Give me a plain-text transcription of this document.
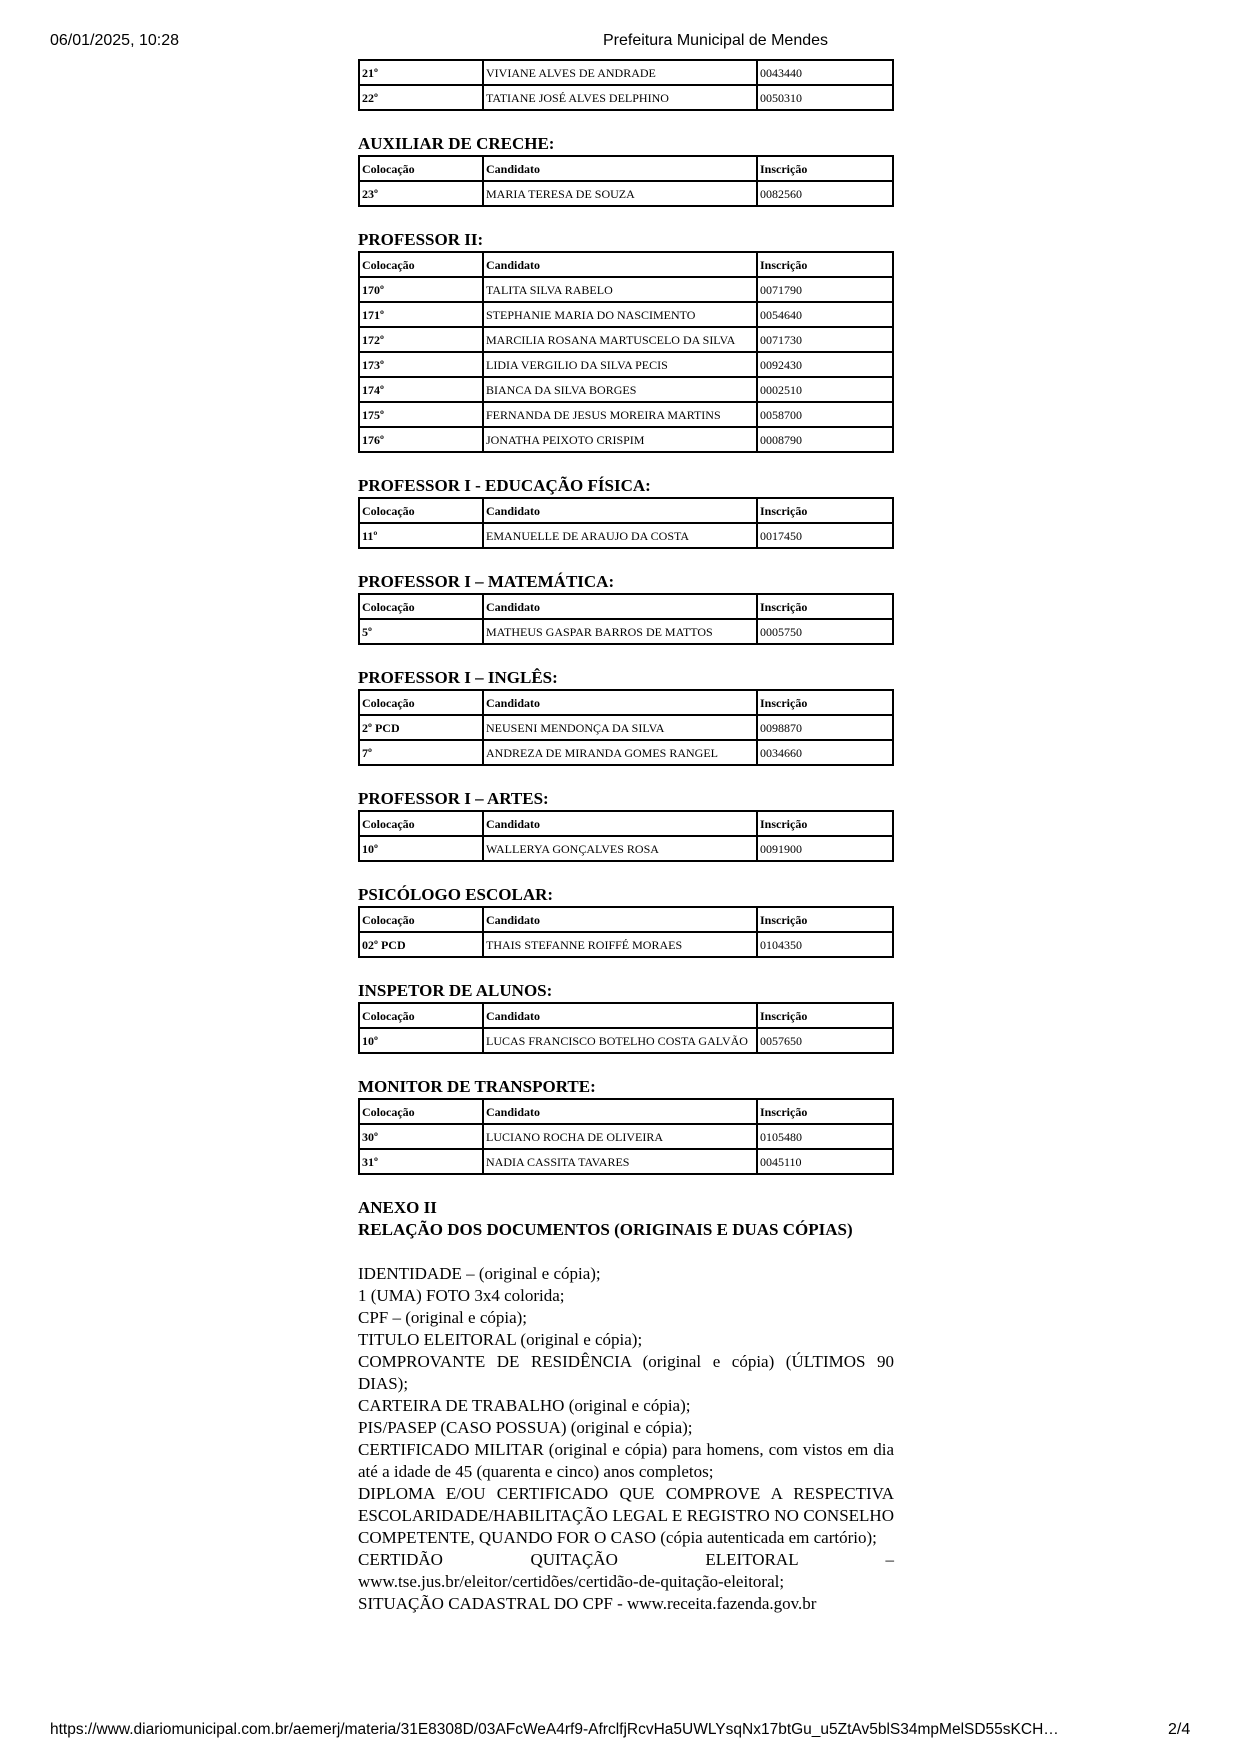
06/01/2025, 10:28	Prefeitura Municipal de Mendes
21º	VIVIANE ALVES DE ANDRADE	0043440
22º	TATIANE JOSÉ ALVES DELPHINO	0050310

AUXILIAR DE CRECHE:

Colocação	Candidato	Inscrição
23º	MARIA TERESA DE SOUZA	0082560

PROFESSOR II:

Colocação	Candidato	Inscrição
170º	TALITA SILVA RABELO	0071790
171º	STEPHANIE MARIA DO NASCIMENTO	0054640
172º	MARCILIA ROSANA MARTUSCELO DA SILVA	0071730
173º	LIDIA VERGILIO DA SILVA PECIS	0092430
174º	BIANCA DA SILVA BORGES	0002510
175º	FERNANDA DE JESUS MOREIRA MARTINS	0058700
176º	JONATHA PEIXOTO CRISPIM	0008790

PROFESSOR I - EDUCAÇÃO FÍSICA:

Colocação	Candidato	Inscrição
11º	EMANUELLE DE ARAUJO DA COSTA	0017450

PROFESSOR I – MATEMÁTICA:

Colocação	Candidato	Inscrição
5º	MATHEUS GASPAR BARROS DE MATTOS	0005750

PROFESSOR I – INGLÊS:

Colocação	Candidato	Inscrição
2º PCD	NEUSENI MENDONÇA DA SILVA	0098870
7º	ANDREZA DE MIRANDA GOMES RANGEL	0034660

PROFESSOR I – ARTES:

Colocação	Candidato	Inscrição
10º	WALLERYA GONÇALVES ROSA	0091900

PSICÓLOGO ESCOLAR:

Colocação	Candidato	Inscrição
02º PCD	THAIS STEFANNE ROIFFÉ MORAES	0104350

INSPETOR DE ALUNOS:

Colocação	Candidato	Inscrição
10º	LUCAS FRANCISCO BOTELHO COSTA GALVÃO	0057650

MONITOR DE TRANSPORTE:

Colocação	Candidato	Inscrição
30º	LUCIANO ROCHA DE OLIVEIRA	0105480
31º	NADIA CASSITA TAVARES	0045110

ANEXO II

RELAÇÃO DOS DOCUMENTOS (ORIGINAIS E DUAS CÓPIAS)

IDENTIDADE – (original e cópia);

1 (UMA) FOTO 3x4 colorida;

CPF – (original e cópia);

TITULO ELEITORAL (original e cópia);

COMPROVANTE DE RESIDÊNCIA (original e cópia) (ÚLTIMOS 90 DIAS);

CARTEIRA DE TRABALHO (original e cópia);

PIS/PASEP (CASO POSSUA) (original e cópia);

CERTIFICADO MILITAR (original e cópia) para homens, com vistos em dia até a idade de 45 (quarenta e cinco) anos completos;

DIPLOMA E/OU CERTIFICADO QUE COMPROVE A RESPECTIVA ESCOLARIDADE/HABILITAÇÃO LEGAL E REGISTRO NO CONSELHO COMPETENTE, QUANDO FOR O CASO (cópia autenticada em cartório);

CERTIDÃO QUITAÇÃO ELEITORAL – www.tse.jus.br/eleitor/certidões/certidão-de-quitação-eleitoral;

SITUAÇÃO CADASTRAL DO CPF - www.receita.fazenda.gov.br

https://www.diariomunicipal.com.br/aemerj/materia/31E8308D/03AFcWeA4rf9-AfrclfjRcvHa5UWLYsqNx17btGu_u5ZtAv5blS34mpMelSD55sKCH…	2/4
